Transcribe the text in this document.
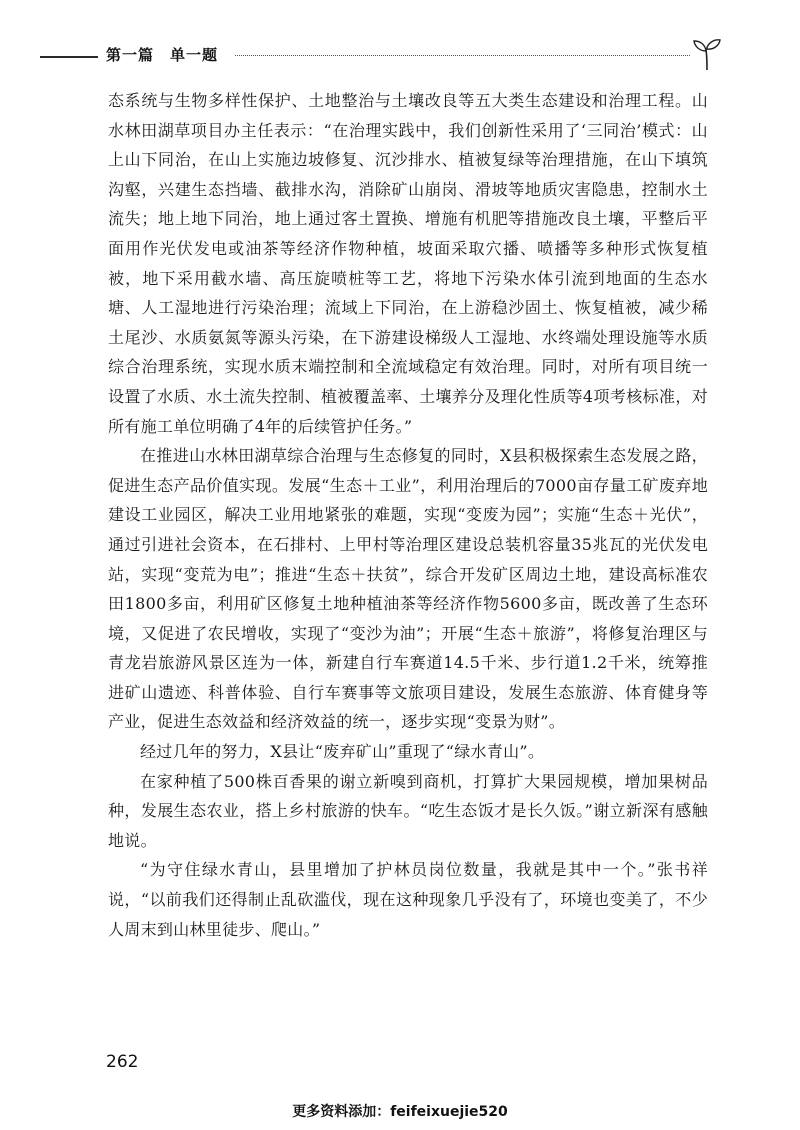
第一篇　单一题

态系统与生物多样性保护、土地整治与土壤改良等五大类生态建设和治理工程。山水林田湖草项目办主任表示：“在治理实践中，我们创新性采用了‘三同治’模式：山上山下同治，在山上实施边坡修复、沉沙排水、植被复绿等治理措施，在山下填筑沟壑，兴建生态挡墙、截排水沟，消除矿山崩岗、滑坡等地质灾害隐患，控制水土流失；地上地下同治，地上通过客土置换、增施有机肥等措施改良土壤，平整后平面用作光伏发电或油茶等经济作物种植，坡面采取穴播、喷播等多种形式恢复植被，地下采用截水墙、高压旋喷桩等工艺，将地下污染水体引流到地面的生态水塘、人工湿地进行污染治理；流域上下同治，在上游稳沙固土、恢复植被，减少稀土尾沙、水质氨氮等源头污染，在下游建设梯级人工湿地、水终端处理设施等水质综合治理系统，实现水质末端控制和全流域稳定有效治理。同时，对所有项目统一设置了水质、水土流失控制、植被覆盖率、土壤养分及理化性质等4项考核标准，对所有施工单位明确了4年的后续管护任务。”

在推进山水林田湖草综合治理与生态修复的同时，X县积极探索生态发展之路，促进生态产品价值实现。发展“生态＋工业”，利用治理后的7000亩存量工矿废弃地建设工业园区，解决工业用地紧张的难题，实现“变废为园”；实施“生态＋光伏”，通过引进社会资本，在石排村、上甲村等治理区建设总装机容量35兆瓦的光伏发电站，实现“变荒为电”；推进“生态＋扶贫”，综合开发矿区周边土地，建设高标准农田1800多亩，利用矿区修复土地种植油茶等经济作物5600多亩，既改善了生态环境，又促进了农民增收，实现了“变沙为油”；开展“生态＋旅游”，将修复治理区与青龙岩旅游风景区连为一体，新建自行车赛道14.5千米、步行道1.2千米，统筹推进矿山遗迹、科普体验、自行车赛事等文旅项目建设，发展生态旅游、体育健身等产业，促进生态效益和经济效益的统一，逐步实现“变景为财”。

经过几年的努力，X县让“废弃矿山”重现了“绿水青山”。

在家种植了500株百香果的谢立新嗅到商机，打算扩大果园规模，增加果树品种，发展生态农业，搭上乡村旅游的快车。“吃生态饭才是长久饭。”谢立新深有感触地说。

“为守住绿水青山，县里增加了护林员岗位数量，我就是其中一个。”张书祥说，“以前我们还得制止乱砍滥伐，现在这种现象几乎没有了，环境也变美了，不少人周末到山林里徒步、爬山。”

262
更多资料添加：feifeixuejie520
